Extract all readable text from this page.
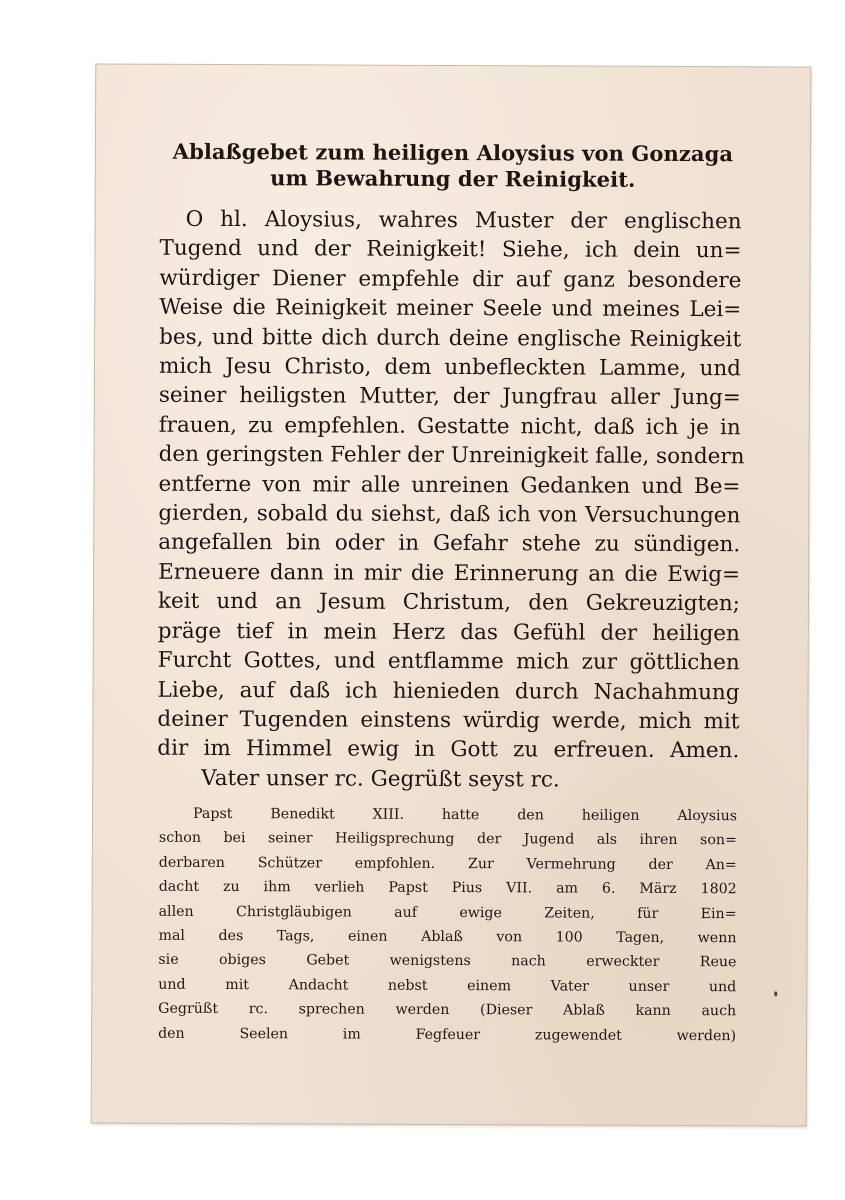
Ablaßgebet zum heiligen Aloysius von Gonzaga
um Bewahrung der Reinigkeit.
O hl. Aloysius, wahres Muster der englischen
Tugend und der Reinigkeit! Siehe, ich dein un=
würdiger Diener empfehle dir auf ganz besondere
Weise die Reinigkeit meiner Seele und meines Lei=
bes, und bitte dich durch deine englische Reinigkeit
mich Jesu Christo, dem unbefleckten Lamme, und
seiner heiligsten Mutter, der Jungfrau aller Jung=
frauen, zu empfehlen. Gestatte nicht, daß ich je in
den geringsten Fehler der Unreinigkeit falle, sondern
entferne von mir alle unreinen Gedanken und Be=
gierden, sobald du siehst, daß ich von Versuchungen
angefallen bin oder in Gefahr stehe zu sündigen.
Erneuere dann in mir die Erinnerung an die Ewig=
keit und an Jesum Christum, den Gekreuzigten;
präge tief in mein Herz das Gefühl der heiligen
Furcht Gottes, und entflamme mich zur göttlichen
Liebe, auf daß ich hienieden durch Nachahmung
deiner Tugenden einstens würdig werde, mich mit
dir im Himmel ewig in Gott zu erfreuen. Amen.
Vater unser rc. Gegrüßt seyst rc.
Papst Benedikt XIII. hatte den heiligen Aloysius
schon bei seiner Heiligsprechung der Jugend als ihren son=
derbaren Schützer empfohlen. Zur Vermehrung der An=
dacht zu ihm verlieh Papst Pius VII. am 6. März 1802
allen Christgläubigen auf ewige Zeiten, für Ein=
mal des Tags, einen Ablaß von 100 Tagen, wenn
sie obiges Gebet wenigstens nach erweckter Reue
und mit Andacht nebst einem Vater unser und
Gegrüßt rc. sprechen werden (Dieser Ablaß kann auch
den Seelen im Fegfeuer zugewendet werden)
